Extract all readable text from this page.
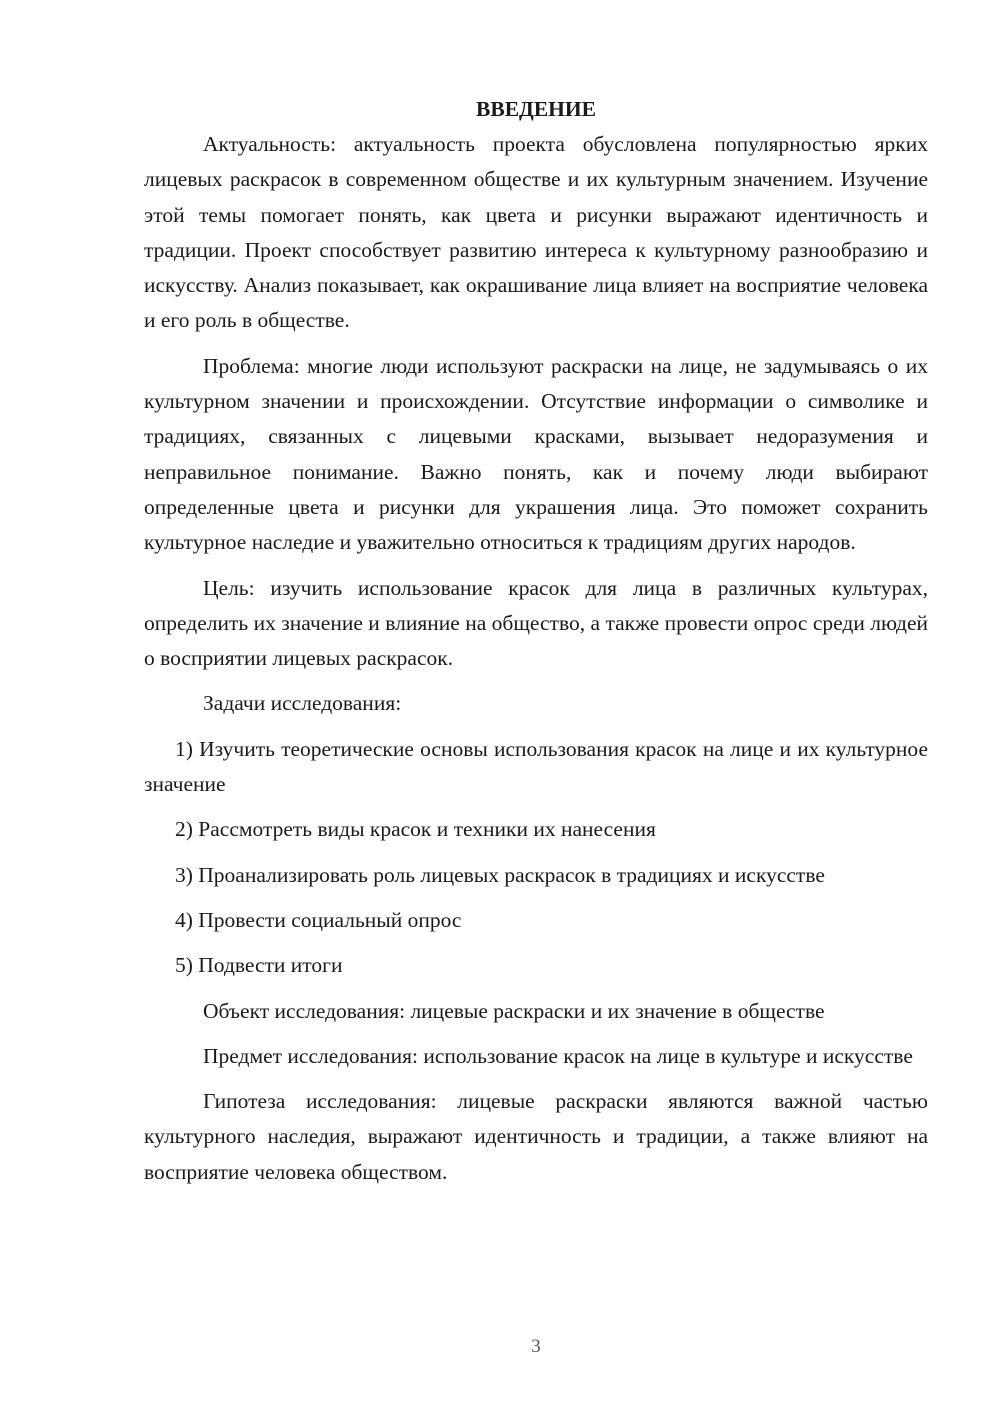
ВВЕДЕНИЕ

Актуальность: актуальность проекта обусловлена популярностью ярких лицевых раскрасок в современном обществе и их культурным значением. Изучение этой темы помогает понять, как цвета и рисунки выражают идентичность и традиции. Проект способствует развитию интереса к культурному разнообразию и искусству. Анализ показывает, как окрашивание лица влияет на восприятие человека и его роль в обществе.

Проблема: многие люди используют раскраски на лице, не задумываясь о их культурном значении и происхождении. Отсутствие информации о символике и традициях, связанных с лицевыми красками, вызывает недоразумения и неправильное понимание. Важно понять, как и почему люди выбирают определенные цвета и рисунки для украшения лица. Это поможет сохранить культурное наследие и уважительно относиться к традициям других народов.

Цель: изучить использование красок для лица в различных культурах, определить их значение и влияние на общество, а также провести опрос среди людей о восприятии лицевых раскрасок.

Задачи исследования:

1) Изучить теоретические основы использования красок на лице и их культурное значение

2) Рассмотреть виды красок и техники их нанесения

3) Проанализировать роль лицевых раскрасок в традициях и искусстве

4) Провести социальный опрос

5) Подвести итоги

Объект исследования: лицевые раскраски и их значение в обществе

Предмет исследования: использование красок на лице в культуре и искусстве

Гипотеза исследования: лицевые раскраски являются важной частью культурного наследия, выражают идентичность и традиции, а также влияют на восприятие человека обществом.

3
